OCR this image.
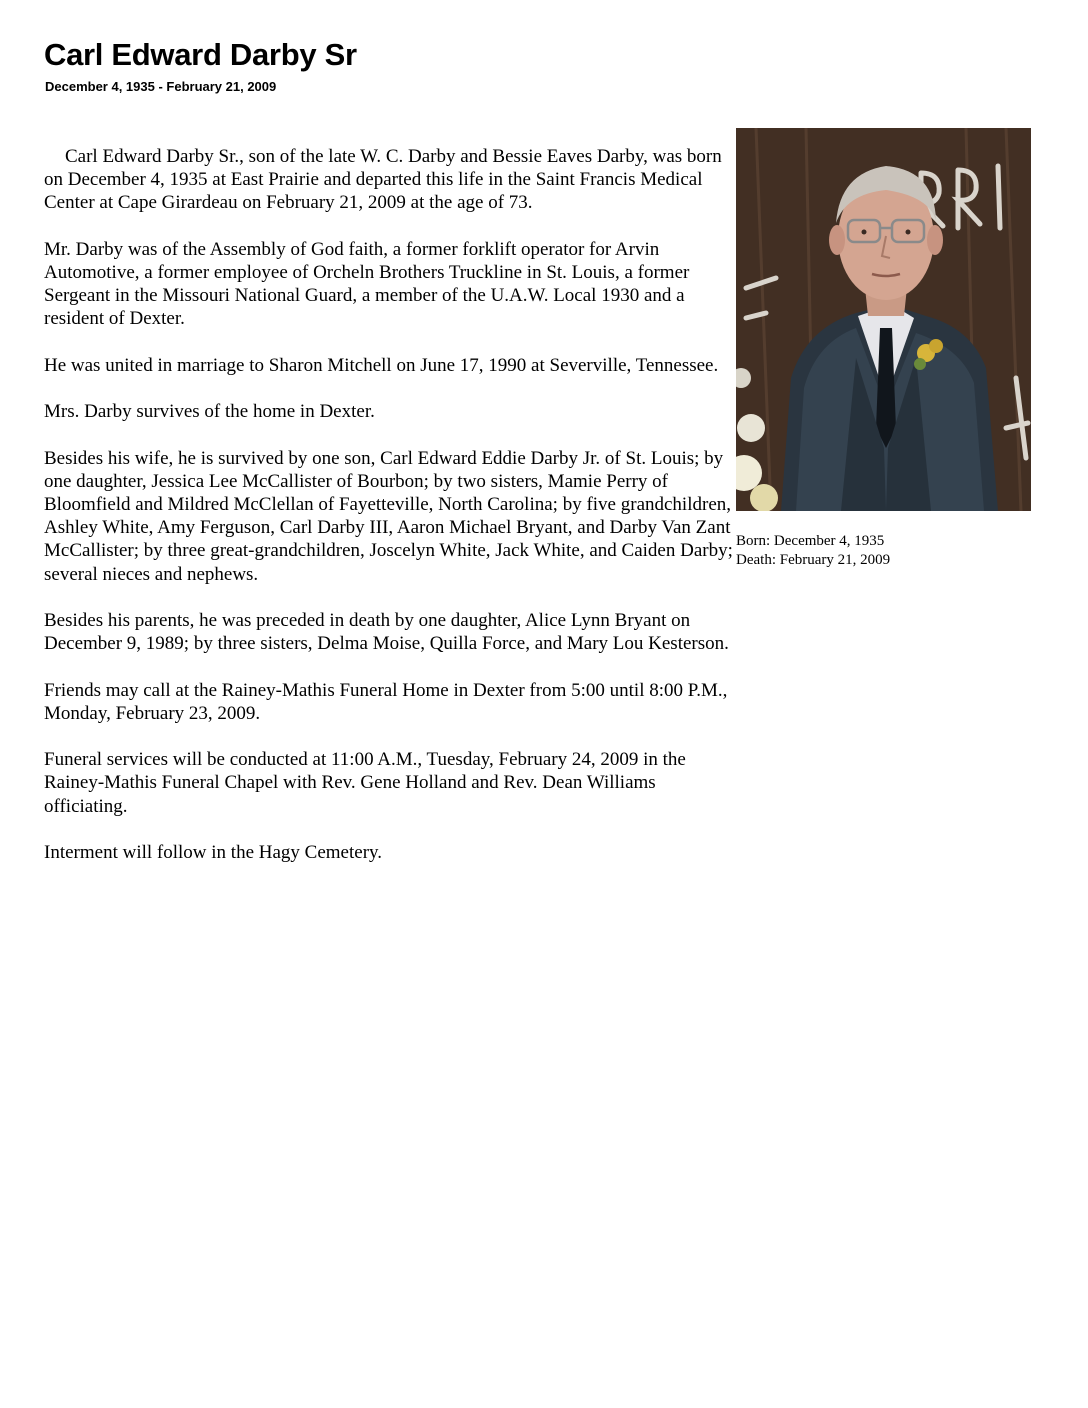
Carl Edward Darby Sr
December 4, 1935 - February 21, 2009

Carl Edward Darby Sr., son of the late W. C. Darby and Bessie Eaves Darby, was born on December 4, 1935 at East Prairie and departed this life in the Saint Francis Medical Center at Cape Girardeau on February 21, 2009 at the age of 73.

Mr. Darby was of the Assembly of God faith, a former forklift operator for Arvin Automotive, a former employee of Orcheln Brothers Truckline in St. Louis, a former Sergeant in the Missouri National Guard, a member of the U.A.W. Local 1930 and a resident of Dexter.

He was united in marriage to Sharon Mitchell on June 17, 1990 at Severville, Tennessee.

Mrs. Darby survives of the home in Dexter.

Besides his wife, he is survived by one son, Carl Edward Eddie Darby Jr. of St. Louis; by one daughter, Jessica Lee McCallister of Bourbon; by two sisters, Mamie Perry of Bloomfield and Mildred McClellan of Fayetteville, North Carolina; by five grandchildren, Ashley White, Amy Ferguson, Carl Darby III, Aaron Michael Bryant, and Darby Van Zant McCallister; by three great-grandchildren, Joscelyn White, Jack White, and Caiden Darby; several nieces and nephews.

Besides his parents, he was preceded in death by one daughter, Alice Lynn Bryant on December 9, 1989; by three sisters, Delma Moise, Quilla Force, and Mary Lou Kesterson.

Friends may call at the Rainey-Mathis Funeral Home in Dexter from 5:00 until 8:00 P.M., Monday, February 23, 2009.

Funeral services will be conducted at 11:00 A.M., Tuesday, February 24, 2009 in the Rainey-Mathis Funeral Chapel with Rev. Gene Holland and Rev. Dean Williams officiating.

Interment will follow in the Hagy Cemetery.

Born: December 4, 1935
Death: February 21, 2009
